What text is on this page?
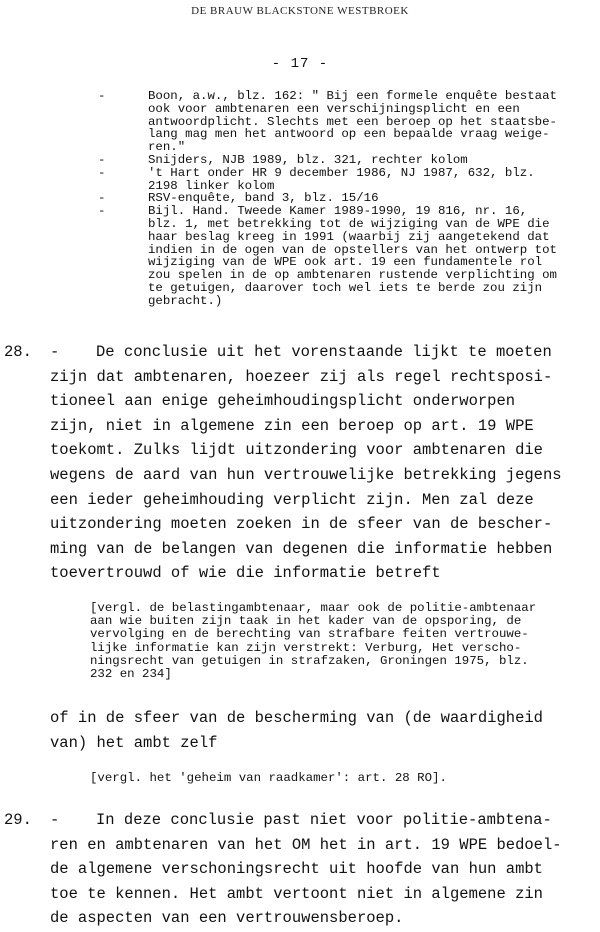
DE BRAUW BLACKSTONE WESTBROEK
- 17 -
-	Boon, a.w., blz. 162: " Bij een formele enquête bestaat
ook voor ambtenaren een verschijningsplicht en een
antwoordplicht. Slechts met een beroep op het staatsbe-
lang mag men het antwoord op een bepaalde vraag weige-
ren."
-	Snijders, NJB 1989, blz. 321, rechter kolom
-	't Hart onder HR 9 december 1986, NJ 1987, 632, blz.
2198 linker kolom
-	RSV-enquête, band 3, blz. 15/16
-	Bijl. Hand. Tweede Kamer 1989-1990, 19 816, nr. 16,
blz. 1, met betrekking tot de wijziging van de WPE die
haar beslag kreeg in 1991 (waarbij zij aangetekend dat
indien in de ogen van de opstellers van het ontwerp tot
wijziging van de WPE ook art. 19 een fundamentele rol
zou spelen in de op ambtenaren rustende verplichting om
te getuigen, daarover toch wel iets te berde zou zijn
gebracht.)
28. - De conclusie uit het vorenstaande lijkt te moeten
zijn dat ambtenaren, hoezeer zij als regel rechtsposi-
tioneel aan enige geheimhoudingsplicht onderworpen
zijn, niet in algemene zin een beroep op art. 19 WPE
toekomt. Zulks lijdt uitzondering voor ambtenaren die
wegens de aard van hun vertrouwelijke betrekking jegens
een ieder geheimhouding verplicht zijn. Men zal deze
uitzondering moeten zoeken in de sfeer van de bescher-
ming van de belangen van degenen die informatie hebben
toevertrouwd of wie die informatie betreft
[vergl. de belastingambtenaar, maar ook de politie-ambtenaar
aan wie buiten zijn taak in het kader van de opsporing, de
vervolging en de berechting van strafbare feiten vertrouwe-
lijke informatie kan zijn verstrekt: Verburg, Het verscho-
ningsrecht van getuigen in strafzaken, Groningen 1975, blz.
232 en 234]
of in de sfeer van de bescherming van (de waardigheid
van) het ambt zelf
[vergl. het 'geheim van raadkamer': art. 28 RO].
29. - In deze conclusie past niet voor politie-ambtena-
ren en ambtenaren van het OM het in art. 19 WPE bedoel-
de algemene verschoningsrecht uit hoofde van hun ambt
toe te kennen. Het ambt vertoont niet in algemene zin
de aspecten van een vertrouwensberoep.
